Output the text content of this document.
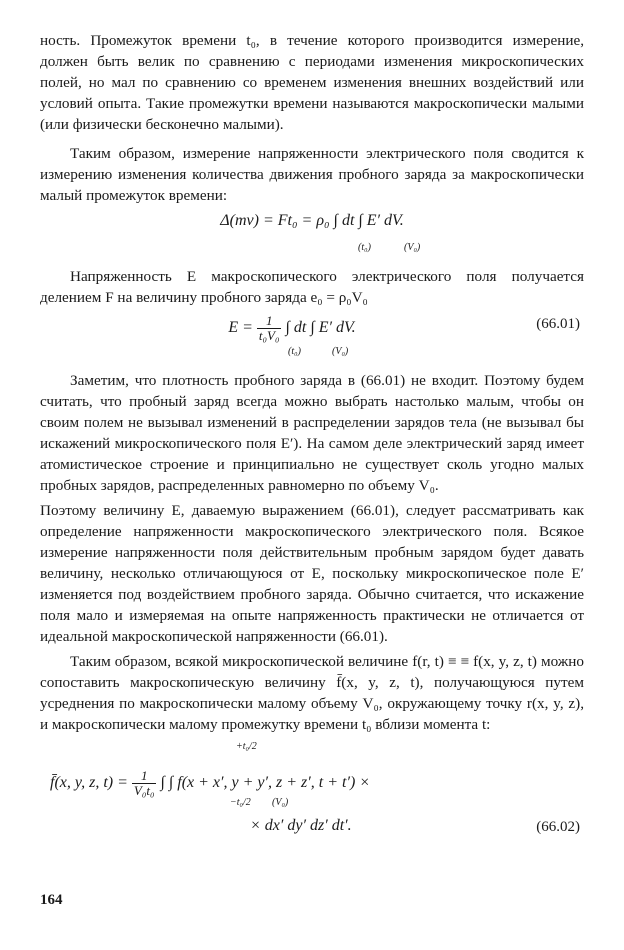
ность. Промежуток времени t₀, в течение которого производится измерение, должен быть велик по сравнению с периодами изменения микроскопических полей, но мал по сравнению со временем изменения внешних воздействий или условий опыта. Такие промежутки времени называются макроскопически малыми (или физически бесконечно малыми).

Таким образом, измерение напряженности электрического поля сводится к измерению изменения количества движения пробного заряда за макроскопически малый промежуток времени:

Δ(mv) = Ft₀ = ρ₀ ∫ dt ∫ E′ dV.
(t₀)	(V₀)

Напряженность E макроскопического электрического поля получается делением F на величину пробного заряда e₀ = ρ₀V₀

$E = \frac{1}{\text{t₀V₀}}$ ∫ dt ∫ E′ dV.
(t₀)	(V₀)
(66.01)

Заметим, что плотность пробного заряда в (66.01) не входит. Поэтому будем считать, что пробный заряд всегда можно выбрать настолько малым, чтобы он своим полем не вызывал изменений в распределении зарядов тела (не вызывал бы искажений микроскопического поля E′). На самом деле электрический заряд имеет атомистическое строение и принципиально не существует сколь угодно малых пробных зарядов, распределенных равномерно по объему V₀.

Поэтому величину E, даваемую выражением (66.01), следует рассматривать как определение напряженности макроскопического электрического поля. Всякое измерение напряженности поля действительным пробным зарядом будет давать величину, несколько отличающуюся от E, поскольку микроскопическое поле E′ изменяется под воздействием пробного заряда. Обычно считается, что искажение поля мало и измеряемая на опыте напряженность практически не отличается от идеальной макроскопической напряженности (66.01).

Таким образом, всякой микроскопической величине f(r, t) ≡ ≡ f(x, y, z, t) можно сопоставить макроскопическую величину f̄(x, y, z, t), получающуюся путем усреднения по макроскопически малому объему V₀, окружающему точку r(x, y, z), и макроскопически малому промежутку времени t₀ вблизи момента t:

+t₀/2
f̄(x, y, z, $t) = \frac{1}{\text{V₀t₀}}$ ∫ ∫ f(x + x′, y + y′, z + z′, t + t′) ×
−t₀/2 (V₀)
× dx′ dy′ dz′ dt′.	(66.02)
164
